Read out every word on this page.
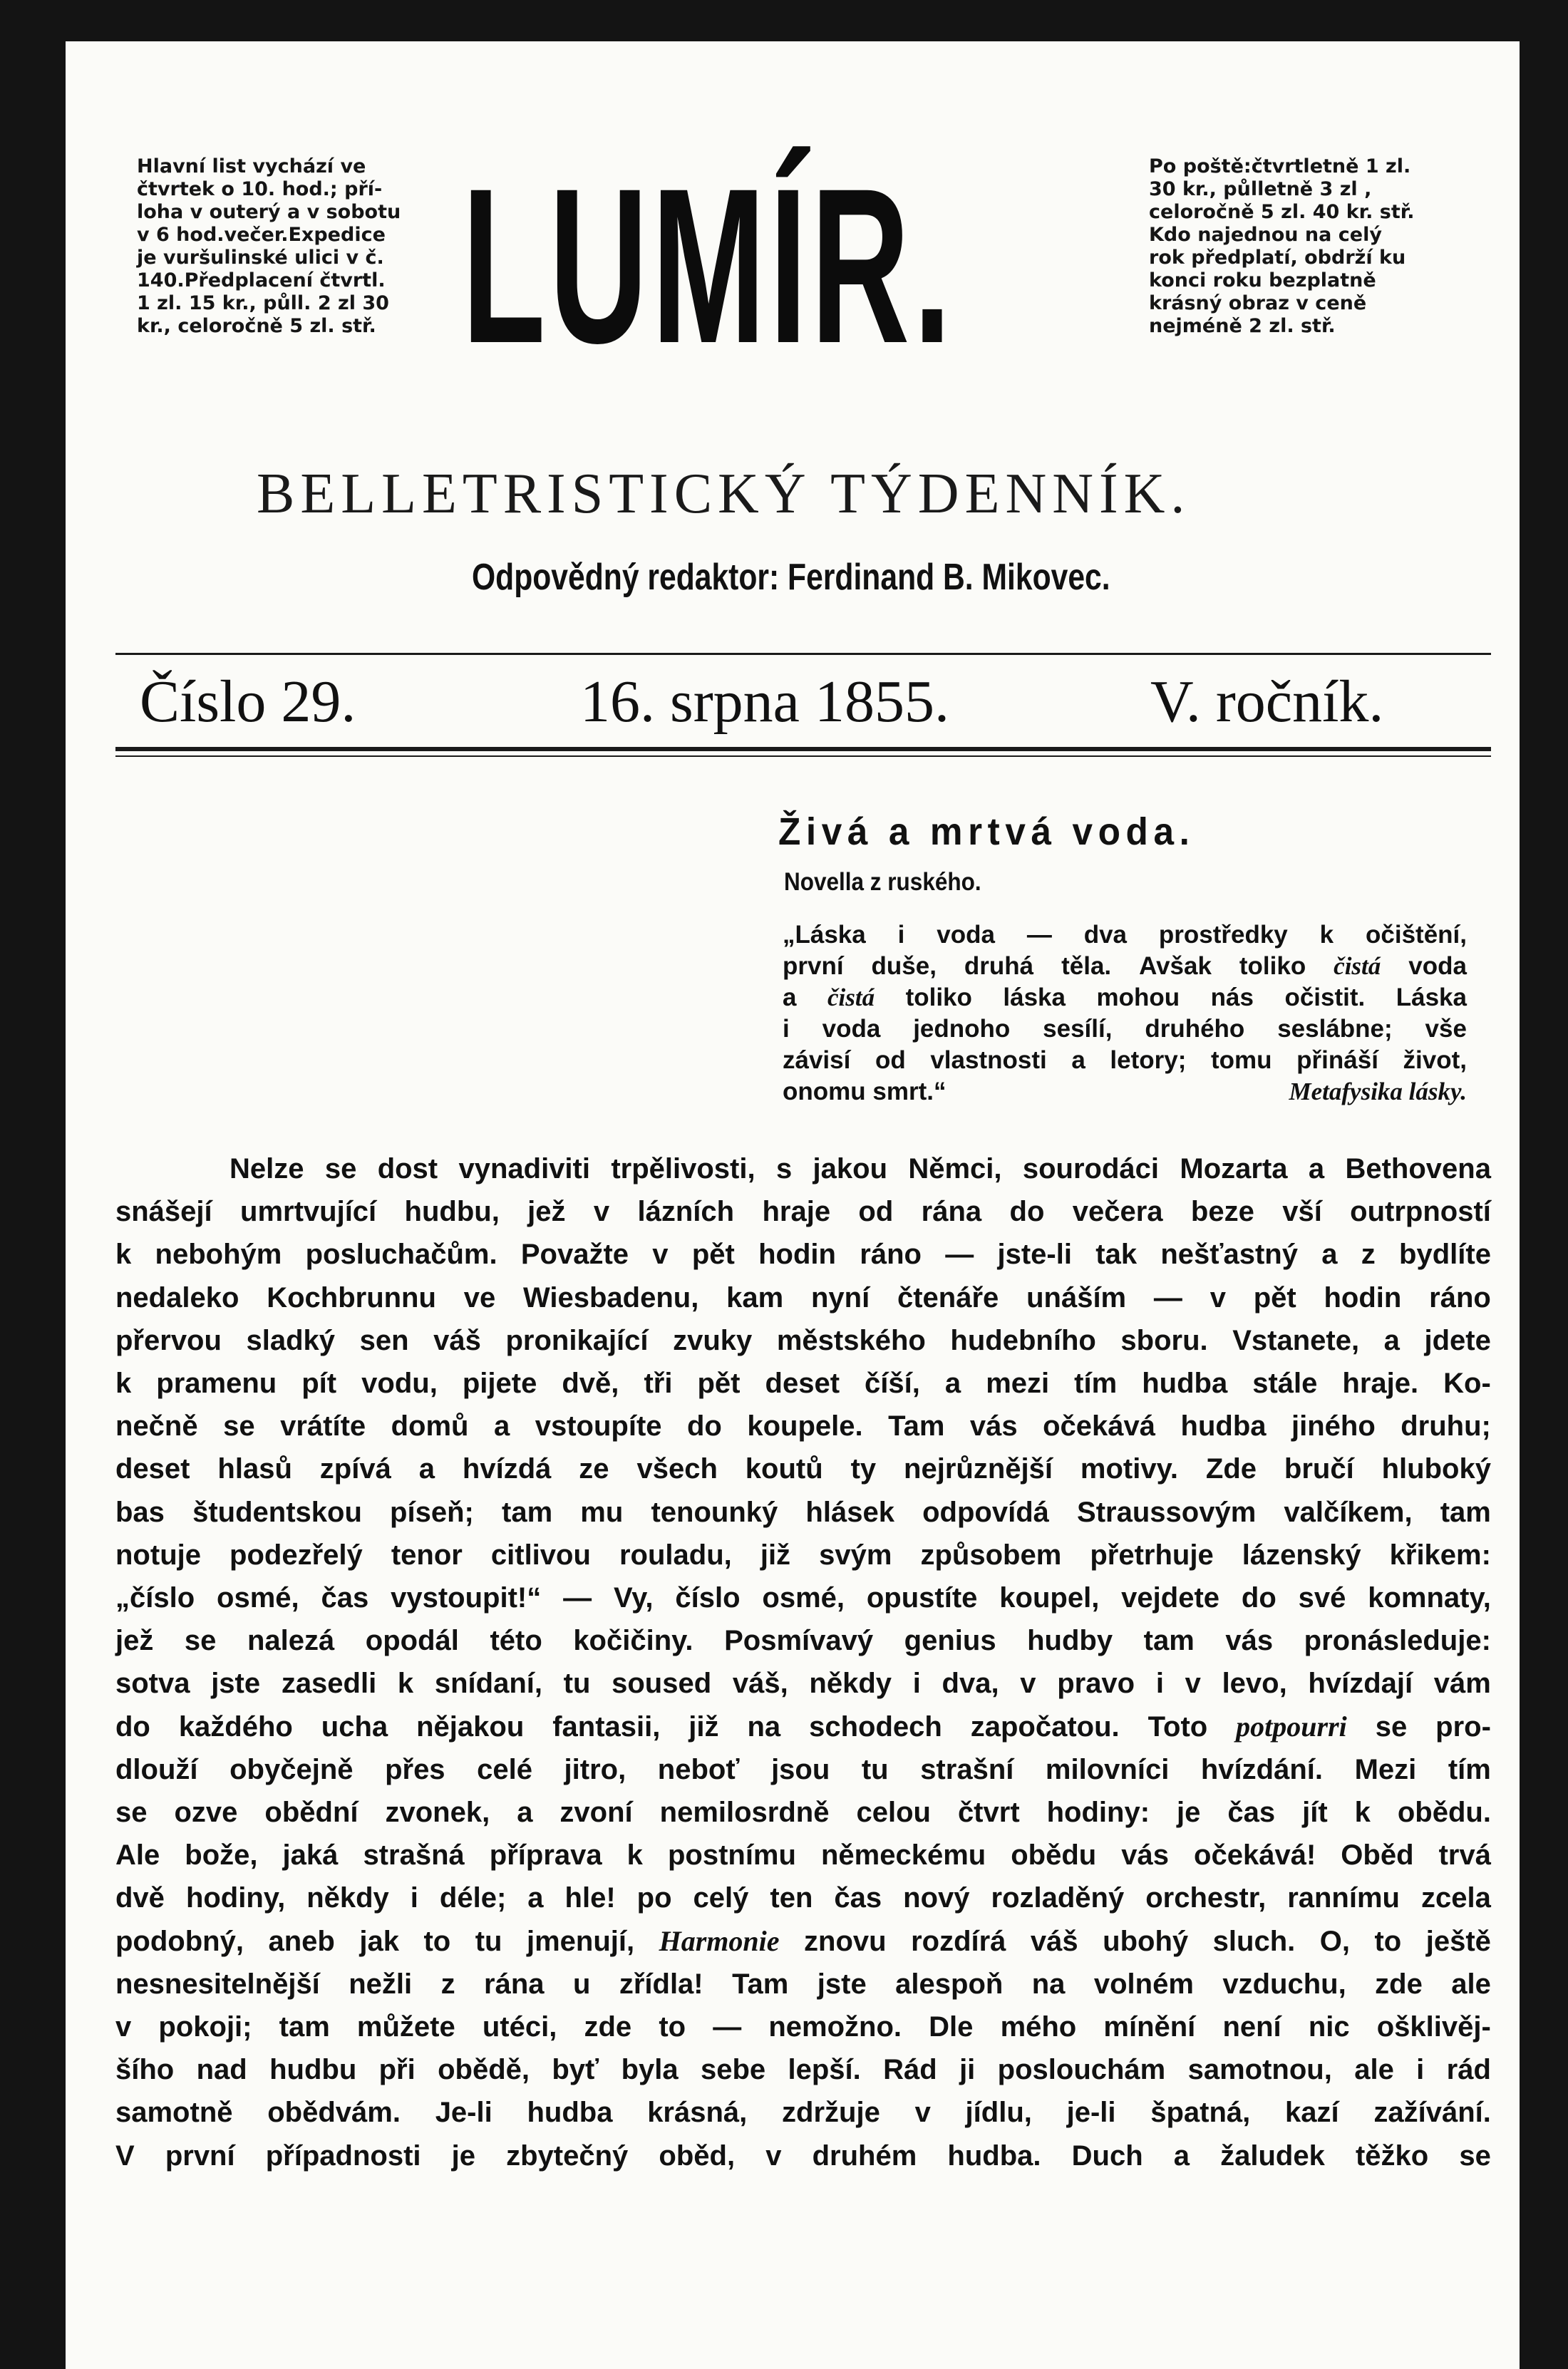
Hlavní list vychází ve
čtvrtek o 10. hod.; pří-
loha v outerý a v sobotu
v 6 hod.večer.Expedice
je vuršulinské ulici v č.
140.Předplacení čtvrtl.
1 zl. 15 kr., půll. 2 zl 30
kr., celoročně 5 zl. stř. LUMÍR.	Po poště:čtvrtletně 1 zl.
30 kr., půlletně 3 zl ,
celoročně 5 zl. 40 kr. stř.
Kdo najednou na celý
rok předplatí, obdrží ku
konci roku bezplatně
krásný obraz v ceně
nejméně 2 zl. stř.
BELLETRISTICKÝ TÝDENNÍK.
Odpovědný redaktor: Ferdinand B. Mikovec.
Číslo 29.	16. srpna 1855.	V. ročník.
Živá a mrtvá voda.
Novella z ruského.
„Láska i voda — dva prostředky k očištění,
první duše, druhá těla. Avšak toliko čistá voda
a čistá toliko láska mohou nás očistit. Láska
i voda jednoho sesílí, druhého seslábne; vše
závisí od vlastnosti a letory; tomu přináší život,
onomu smrt.“	Metafysika lásky.
Nelze se dost vynadiviti trpělivosti, s jakou Němci, sourodáci Mozarta a Bethovena
snášejí umrtvující hudbu, jež v lázních hraje od rána do večera beze vší outrpností
k nebohým posluchačům. Považte v pět hodin ráno — jste-li tak nešťastný a z bydlíte
nedaleko Kochbrunnu ve Wiesbadenu, kam nyní čtenáře unáším — v pět hodin ráno
přervou sladký sen váš pronikající zvuky městského hudebního sboru. Vstanete, a jdete
k pramenu pít vodu, pijete dvě, tři pět deset číší, a mezi tím hudba stále hraje. Ko-
nečně se vrátíte domů a vstoupíte do koupele. Tam vás očekává hudba jiného druhu;
deset hlasů zpívá a hvízdá ze všech koutů ty nejrůznější motivy. Zde bručí hluboký
bas študentskou píseň; tam mu tenounký hlásek odpovídá Straussovým valčíkem, tam
notuje podezřelý tenor citlivou rouladu, již svým způsobem přetrhuje lázenský křikem:
„číslo osmé, čas vystoupit!“ — Vy, číslo osmé, opustíte koupel, vejdete do své komnaty,
jež se nalezá opodál této kočičiny. Posmívavý genius hudby tam vás pronásleduje:
sotva jste zasedli k snídaní, tu soused váš, někdy i dva, v pravo i v levo, hvízdají vám
do každého ucha nějakou fantasii, již na schodech započatou. Toto potpourri se pro-
dlouží obyčejně přes celé jitro, neboť jsou tu strašní milovníci hvízdání. Mezi tím
se ozve obědní zvonek, a zvoní nemilosrdně celou čtvrt hodiny: je čas jít k obědu.
Ale bože, jaká strašná příprava k postnímu německému obědu vás očekává! Oběd trvá
dvě hodiny, někdy i déle; a hle! po celý ten čas nový rozladěný orchestr, rannímu zcela
podobný, aneb jak to tu jmenují, Harmonie znovu rozdírá váš ubohý sluch. O, to ještě
nesnesitelnější nežli z rána u zřídla! Tam jste alespoň na volném vzduchu, zde ale
v pokoji; tam můžete utéci, zde to — nemožno. Dle mého mínění není nic ošklivěj-
šího nad hudbu při obědě, byť byla sebe lepší. Rád ji poslouchám samotnou, ale i rád
samotně obědvám. Je-li hudba krásná, zdržuje v jídlu, je-li špatná, kazí zažívání.
V první případnosti je zbytečný oběd, v druhém hudba. Duch a žaludek těžko se
